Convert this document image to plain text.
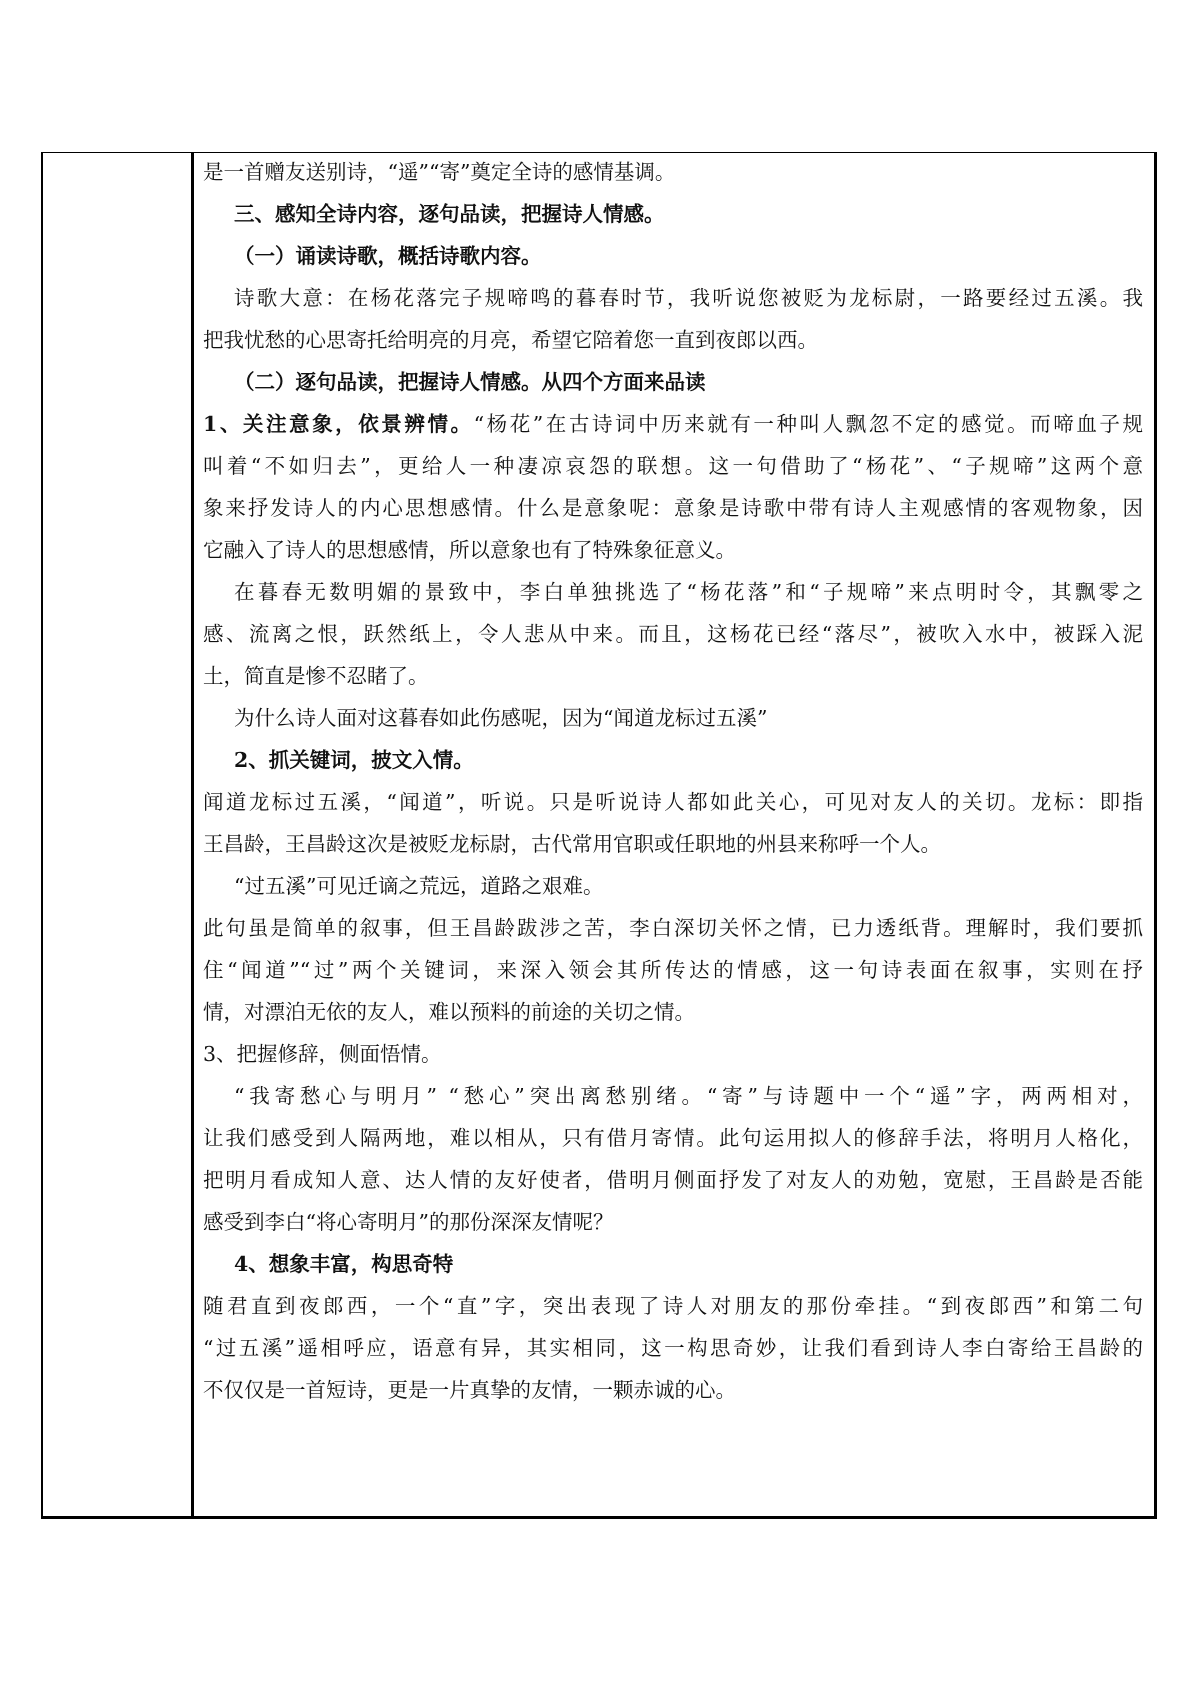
是一首赠友送别诗，“遥”“寄”奠定全诗的感情基调。
三、感知全诗内容，逐句品读，把握诗人情感。
（一）诵读诗歌，概括诗歌内容。
诗歌大意：在杨花落完子规啼鸣的暮春时节，我听说您被贬为龙标尉，一路要经过五溪。我
把我忧愁的心思寄托给明亮的月亮，希望它陪着您一直到夜郎以西。
（二）逐句品读，把握诗人情感。从四个方面来品读
1、关注意象，依景辨情。“杨花”在古诗词中历来就有一种叫人飘忽不定的感觉。而啼血子规
叫着“不如归去”，更给人一种凄凉哀怨的联想。这一句借助了“杨花”、“子规啼”这两个意
象来抒发诗人的内心思想感情。什么是意象呢：意象是诗歌中带有诗人主观感情的客观物象，因
它融入了诗人的思想感情，所以意象也有了特殊象征意义。
在暮春无数明媚的景致中，李白单独挑选了“杨花落”和“子规啼”来点明时令，其飘零之
感、流离之恨，跃然纸上，令人悲从中来。而且，这杨花已经“落尽”，被吹入水中，被踩入泥
土，简直是惨不忍睹了。
为什么诗人面对这暮春如此伤感呢，因为“闻道龙标过五溪”
2、抓关键词，披文入情。
闻道龙标过五溪，“闻道”，听说。只是听说诗人都如此关心，可见对友人的关切。龙标：即指
王昌龄，王昌龄这次是被贬龙标尉，古代常用官职或任职地的州县来称呼一个人。
“过五溪”可见迁谪之荒远，道路之艰难。
此句虽是简单的叙事，但王昌龄跋涉之苦，李白深切关怀之情，已力透纸背。理解时，我们要抓
住“闻道”“过”两个关键词，来深入领会其所传达的情感，这一句诗表面在叙事，实则在抒
情，对漂泊无依的友人，难以预料的前途的关切之情。
3、把握修辞，侧面悟情。
“我寄愁心与明月” “愁心”突出离愁别绪。“寄”与诗题中一个“遥”字，两两相对，
让我们感受到人隔两地，难以相从，只有借月寄情。此句运用拟人的修辞手法，将明月人格化，
把明月看成知人意、达人情的友好使者，借明月侧面抒发了对友人的劝勉，宽慰，王昌龄是否能
感受到李白“将心寄明月”的那份深深友情呢？
4、想象丰富，构思奇特
随君直到夜郎西，一个“直”字，突出表现了诗人对朋友的那份牵挂。“到夜郎西”和第二句
“过五溪”遥相呼应，语意有异，其实相同，这一构思奇妙，让我们看到诗人李白寄给王昌龄的
不仅仅是一首短诗，更是一片真挚的友情，一颗赤诚的心。
